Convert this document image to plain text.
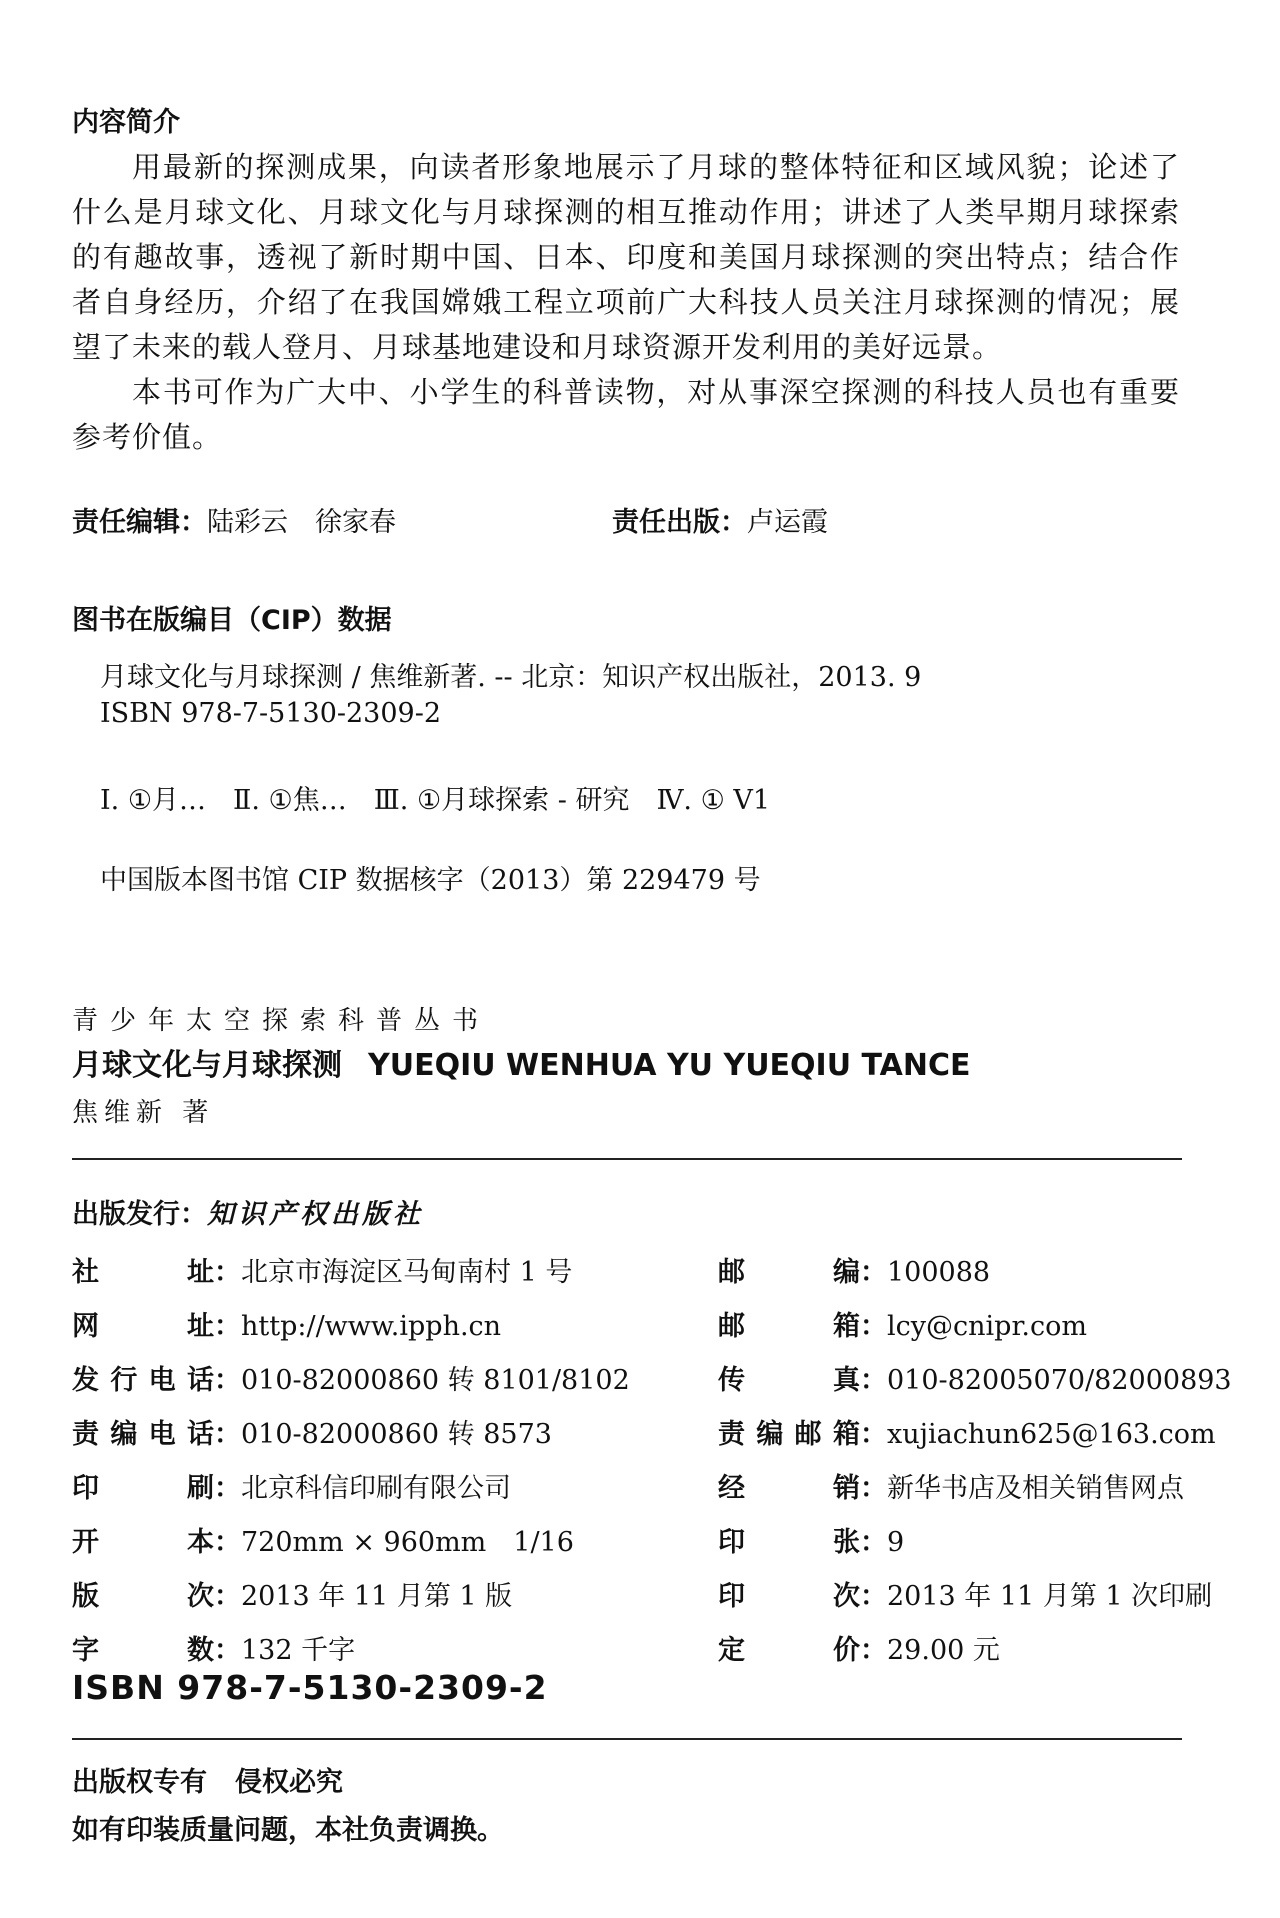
内容简介

用最新的探测成果，向读者形象地展示了月球的整体特征和区域风貌；论述了什么是月球文化、月球文化与月球探测的相互推动作用；讲述了人类早期月球探索的有趣故事，透视了新时期中国、日本、印度和美国月球探测的突出特点；结合作者自身经历，介绍了在我国嫦娥工程立项前广大科技人员关注月球探测的情况；展望了未来的载人登月、月球基地建设和月球资源开发利用的美好远景。

本书可作为广大中、小学生的科普读物，对从事深空探测的科技人员也有重要参考价值。

责任编辑：陆彩云　徐家春	责任出版：卢运霞
图书在版编目（CIP）数据
月球文化与月球探测 / 焦维新著. -- 北京：知识产权出版社，2013. 9
ISBN 978-7-5130-2309-2
Ⅰ. ①月…　Ⅱ. ①焦…　Ⅲ. ①月球探索 - 研究　Ⅳ. ① V1
中国版本图书馆 CIP 数据核字（2013）第 229479 号
青少年太空探索科普丛书
月球文化与月球探测 YUEQIU WENHUA YU YUEQIU TANCE
焦维新 著
出版发行：知识产权出版社
社址：北京市海淀区马甸南村 1 号
网址：http://www.ipph.cn
发行电话：010-82000860 转 8101/8102
责编电话：010-82000860 转 8573
印刷：北京科信印刷有限公司
开本：720mm × 960mm　1/16
版次：2013 年 11 月第 1 版
字数：132 千字
邮编：100088
邮箱：lcy@cnipr.com
传真：010-82005070/82000893
责编邮箱：xujiachun625@163.com
经销：新华书店及相关销售网点
印张：9
印次：2013 年 11 月第 1 次印刷
定价：29.00 元
ISBN 978-7-5130-2309-2
出版权专有 侵权必究
如有印装质量问题，本社负责调换。
